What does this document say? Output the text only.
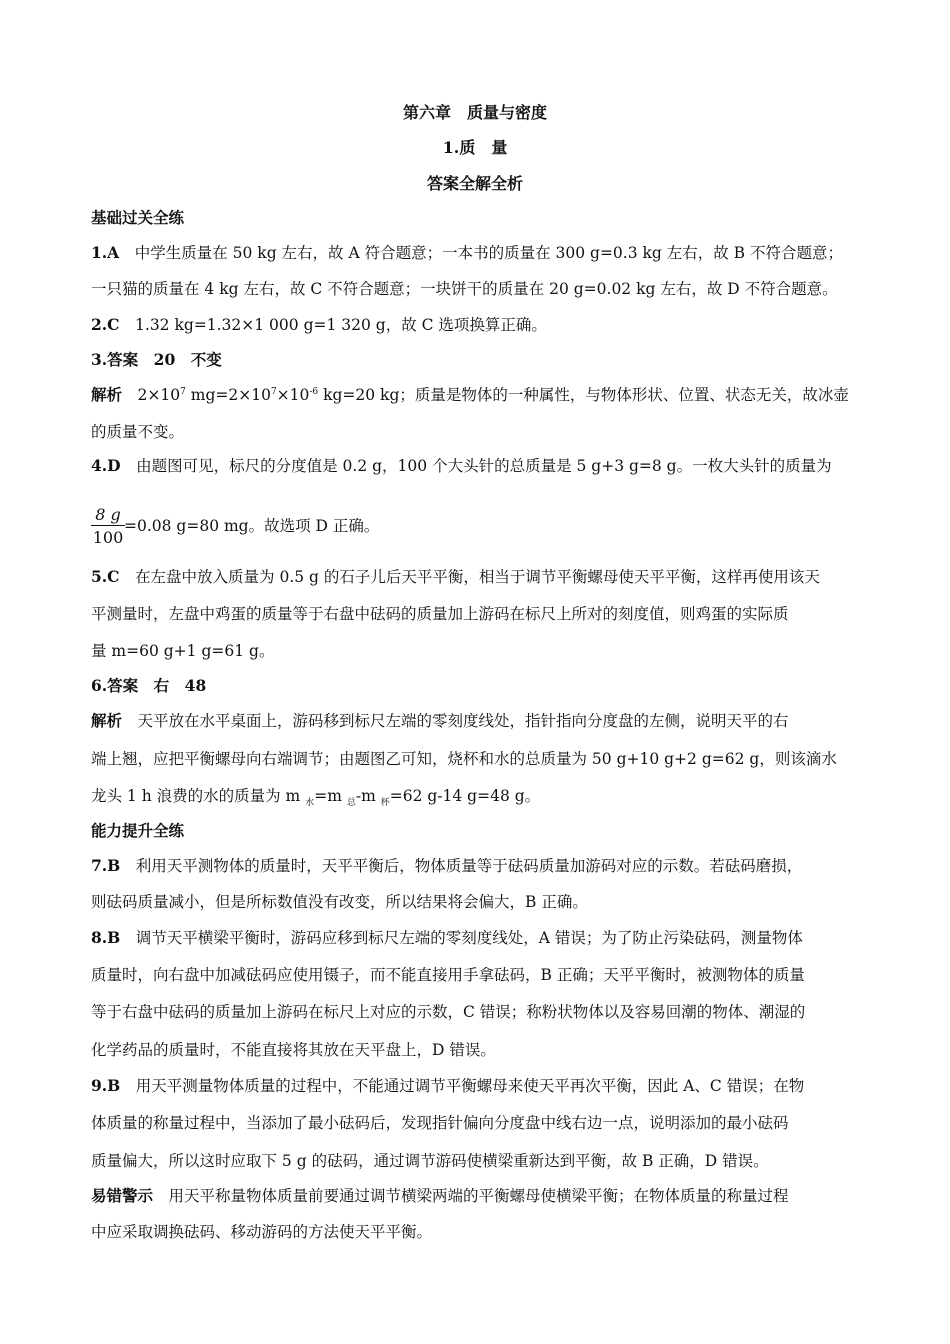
第六章　质量与密度
1.质　量
答案全解全析
基础过关全练
1.A　中学生质量在 50 kg 左右，故 A 符合题意；一本书的质量在 300 g=0.3 kg 左右，故 B 不符合题意；
一只猫的质量在 4 kg 左右，故 C 不符合题意；一块饼干的质量在 20 g=0.02 kg 左右，故 D 不符合题意。
2.C　1.32 kg=1.32×1 000 g=1 320 g，故 C 选项换算正确。
3.答案　20　不变
解析　$2\times 10^7$ $mg=2\times 10^7\times 10^{-6}$ kg=20 kg；质量是物体的一种属性，与物体形状、位置、状态无关，故冰壶
的质量不变。
4.D　由题图可见，标尺的分度值是 0.2 g，100 个大头针的总质量是 5 g+3 g=8 g。一枚大头针的质量为
$\frac{8 g}{100} =0.08$ g=80 mg。故选项 D 正确。
5.C　在左盘中放入质量为 0.5 g 的石子儿后天平平衡，相当于调节平衡螺母使天平平衡，这样再使用该天
平测量时，左盘中鸡蛋的质量等于右盘中砝码的质量加上游码在标尺上所对的刻度值，则鸡蛋的实际质
量 m=60 g+1 g=61 g。
6.答案　右　48
解析　天平放在水平桌面上，游码移到标尺左端的零刻度线处，指针指向分度盘的左侧，说明天平的右
端上翘，应把平衡螺母向右端调节；由题图乙可知，烧杯和水的总质量为 50 g+10 g+2 g=62 g，则该滴水
龙头 1 h 浪费的水的质量为 m $_水$=m $_总$-m $_杯$=62 g-14 g=48 g。
能力提升全练
7.B　利用天平测物体的质量时，天平平衡后，物体质量等于砝码质量加游码对应的示数。若砝码磨损，
则砝码质量减小，但是所标数值没有改变，所以结果将会偏大，B 正确。
8.B　调节天平横梁平衡时，游码应移到标尺左端的零刻度线处，A 错误；为了防止污染砝码，测量物体
质量时，向右盘中加减砝码应使用镊子，而不能直接用手拿砝码，B 正确；天平平衡时，被测物体的质量
等于右盘中砝码的质量加上游码在标尺上对应的示数，C 错误；称粉状物体以及容易回潮的物体、潮湿的
化学药品的质量时，不能直接将其放在天平盘上，D 错误。
9.B　用天平测量物体质量的过程中，不能通过调节平衡螺母来使天平再次平衡，因此 A、C 错误；在物
体质量的称量过程中，当添加了最小砝码后，发现指针偏向分度盘中线右边一点，说明添加的最小砝码
质量偏大，所以这时应取下 5 g 的砝码，通过调节游码使横梁重新达到平衡，故 B 正确，D 错误。
易错警示　用天平称量物体质量前要通过调节横梁两端的平衡螺母使横梁平衡；在物体质量的称量过程
中应采取调换砝码、移动游码的方法使天平平衡。
